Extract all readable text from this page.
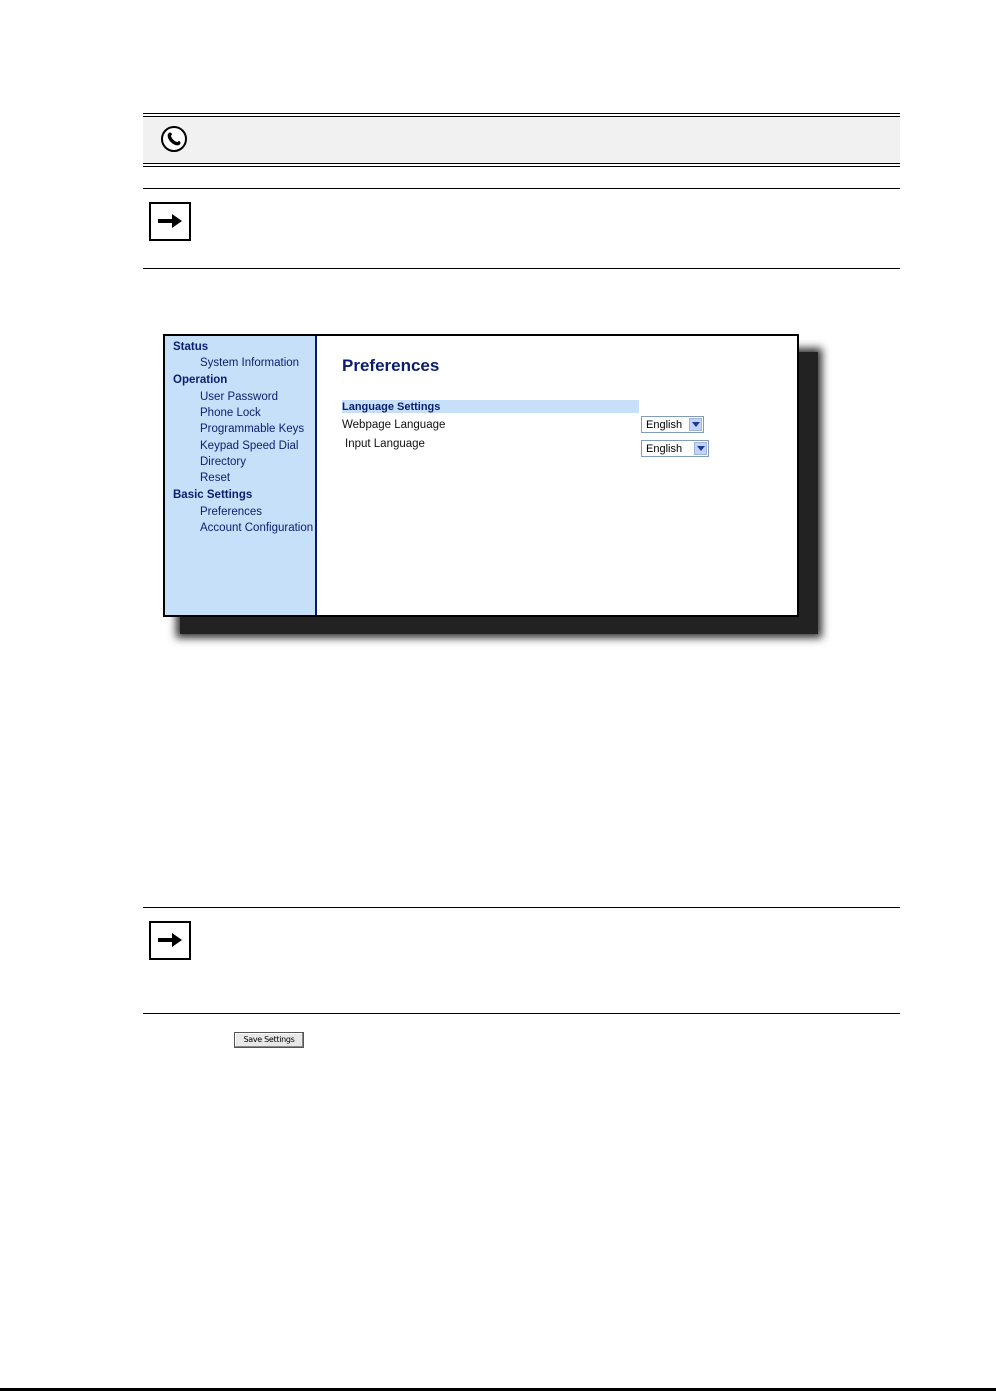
Status
System Information
Operation
User Password
Phone Lock
Programmable Keys
Keypad Speed Dial
Directory
Reset
Basic Settings
Preferences
Account Configuration
Preferences
Language Settings
Webpage Language	English
Input Language	English
Save Settings
